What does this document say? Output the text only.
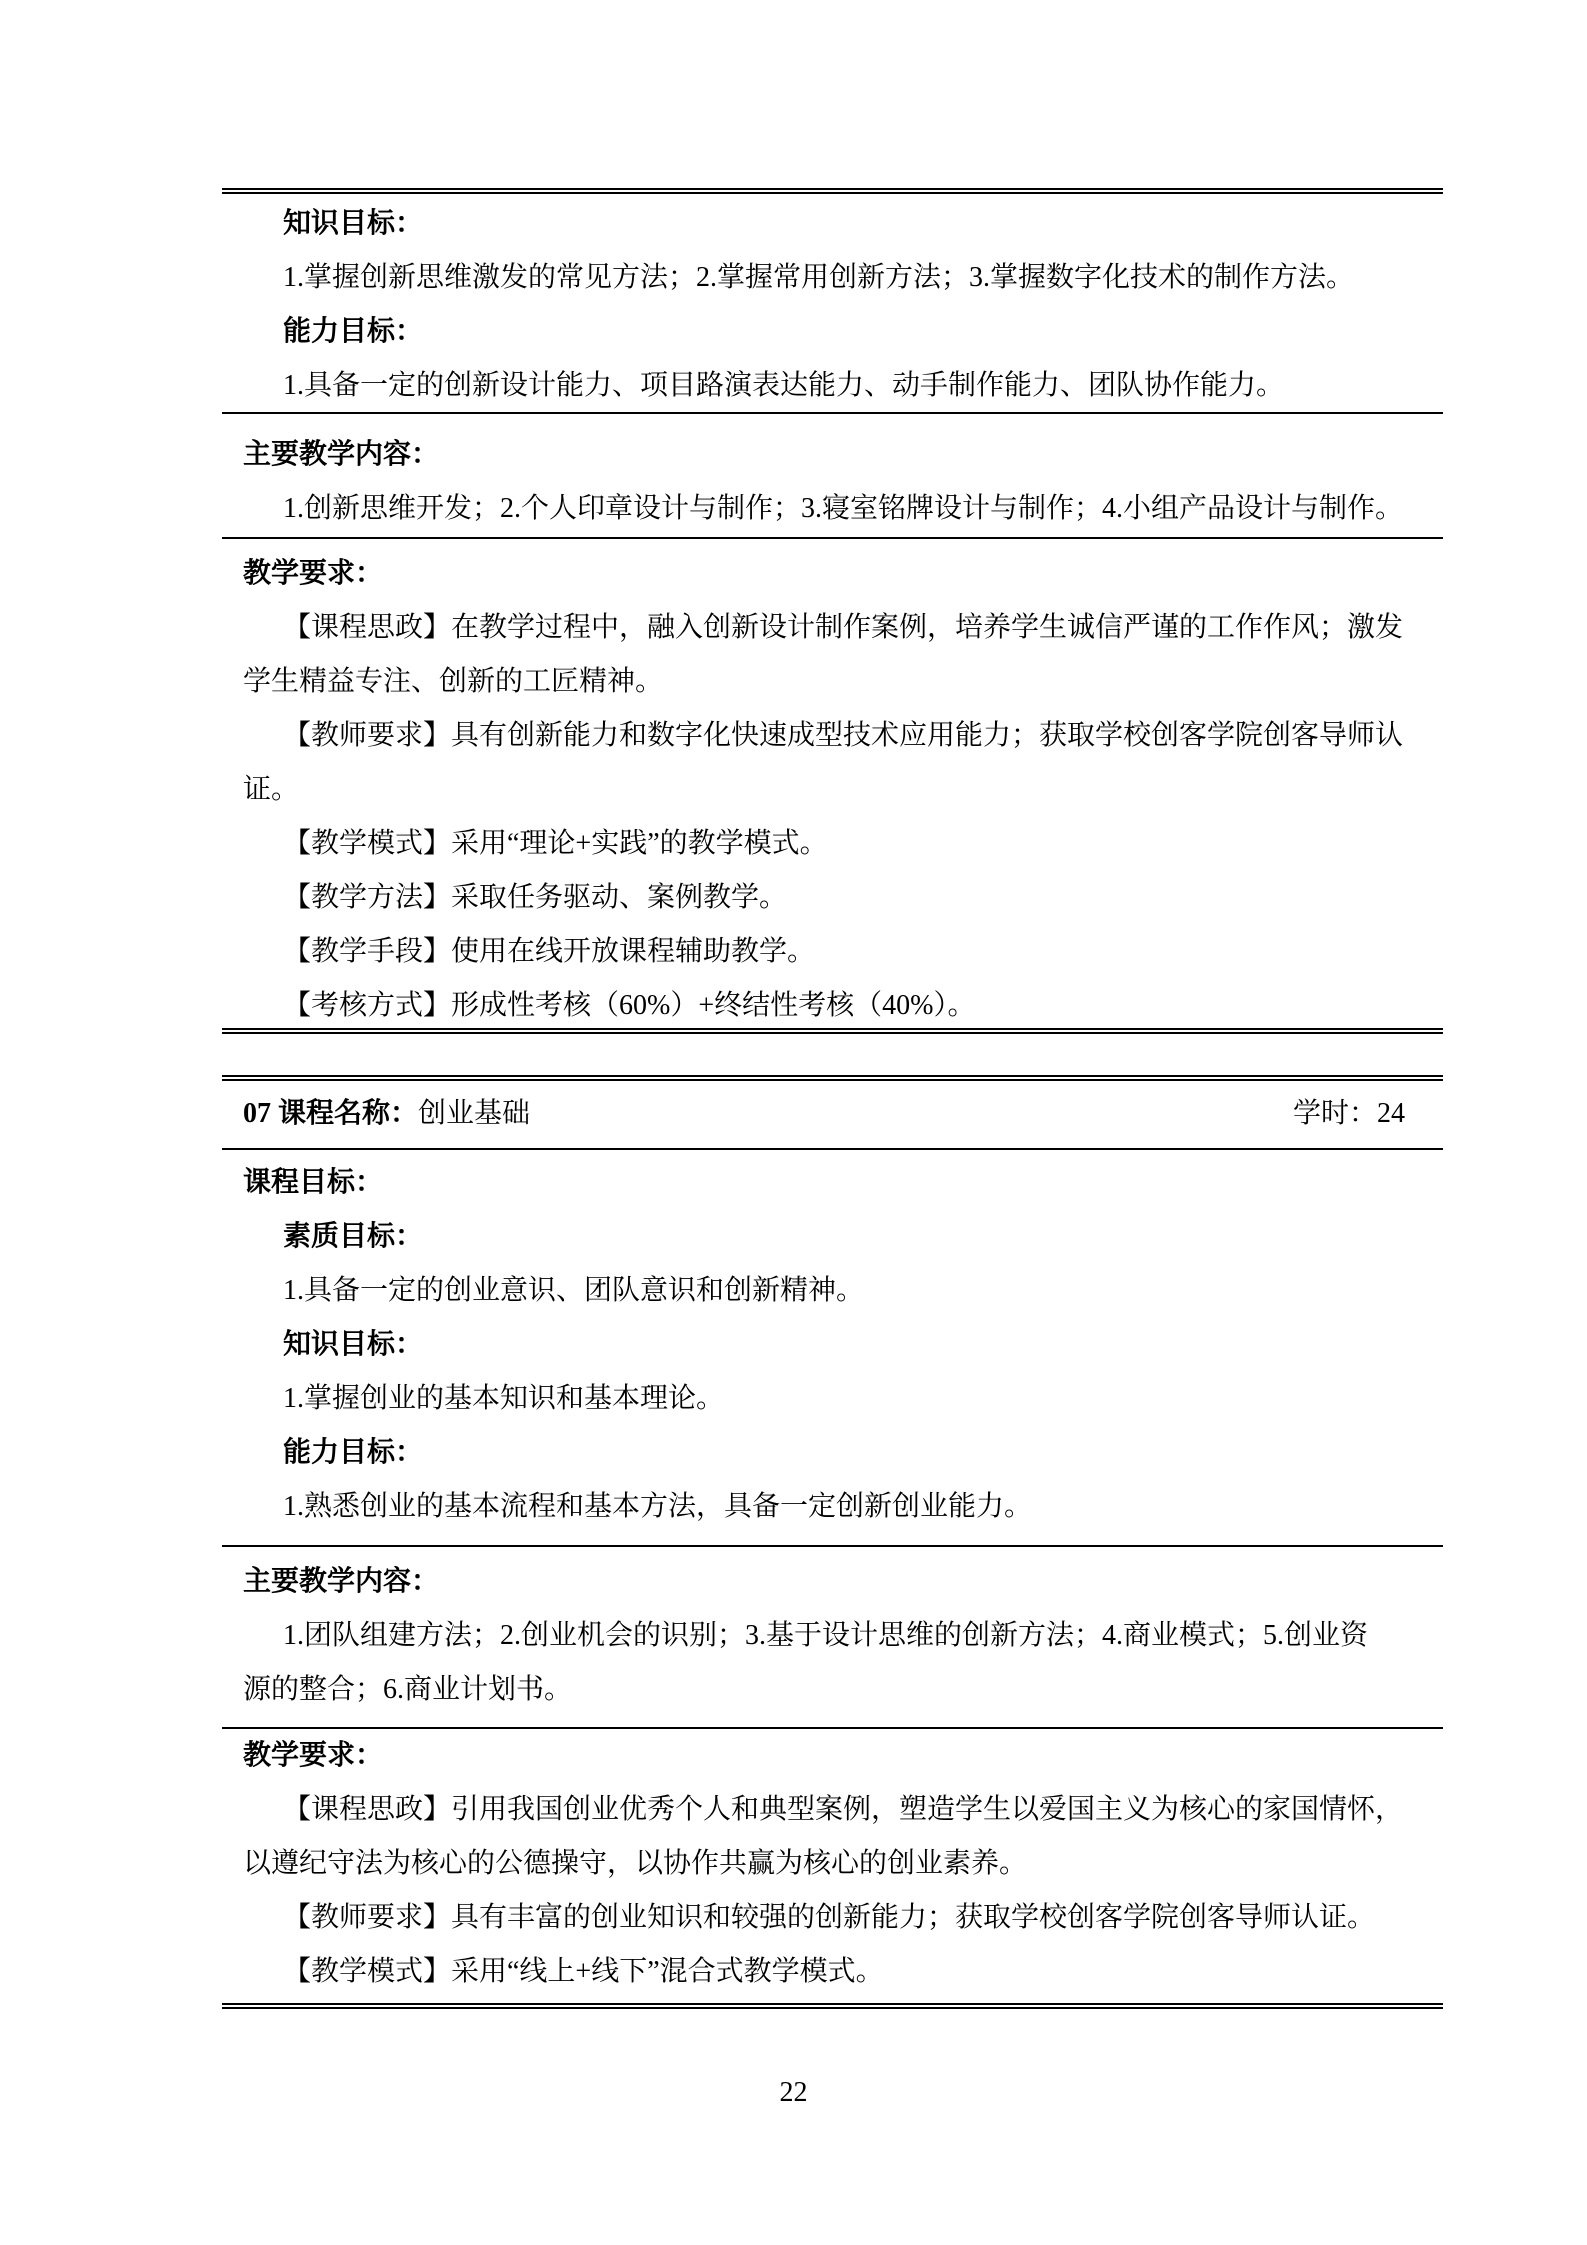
知识目标：
1.掌握创新思维激发的常见方法；2.掌握常用创新方法；3.掌握数字化技术的制作方法。
能力目标：
1.具备一定的创新设计能力、项目路演表达能力、动手制作能力、团队协作能力。
主要教学内容：
1.创新思维开发；2.个人印章设计与制作；3.寝室铭牌设计与制作；4.小组产品设计与制作。
教学要求：
【课程思政】在教学过程中，融入创新设计制作案例，培养学生诚信严谨的工作作风；激发
学生精益专注、创新的工匠精神。
【教师要求】具有创新能力和数字化快速成型技术应用能力；获取学校创客学院创客导师认
证。
【教学模式】采用“理论+实践”的教学模式。
【教学方法】采取任务驱动、案例教学。
【教学手段】使用在线开放课程辅助教学。
【考核方式】形成性考核（60%）+终结性考核（40%）。
07 课程名称：创业基础	学时：24
课程目标：
素质目标：
1.具备一定的创业意识、团队意识和创新精神。
知识目标：
1.掌握创业的基本知识和基本理论。
能力目标：
1.熟悉创业的基本流程和基本方法，具备一定创新创业能力。
主要教学内容：
1.团队组建方法；2.创业机会的识别；3.基于设计思维的创新方法；4.商业模式；5.创业资
源的整合；6.商业计划书。
教学要求：
【课程思政】引用我国创业优秀个人和典型案例，塑造学生以爱国主义为核心的家国情怀，
以遵纪守法为核心的公德操守，以协作共赢为核心的创业素养。
【教师要求】具有丰富的创业知识和较强的创新能力；获取学校创客学院创客导师认证。
【教学模式】采用“线上+线下”混合式教学模式。
22
